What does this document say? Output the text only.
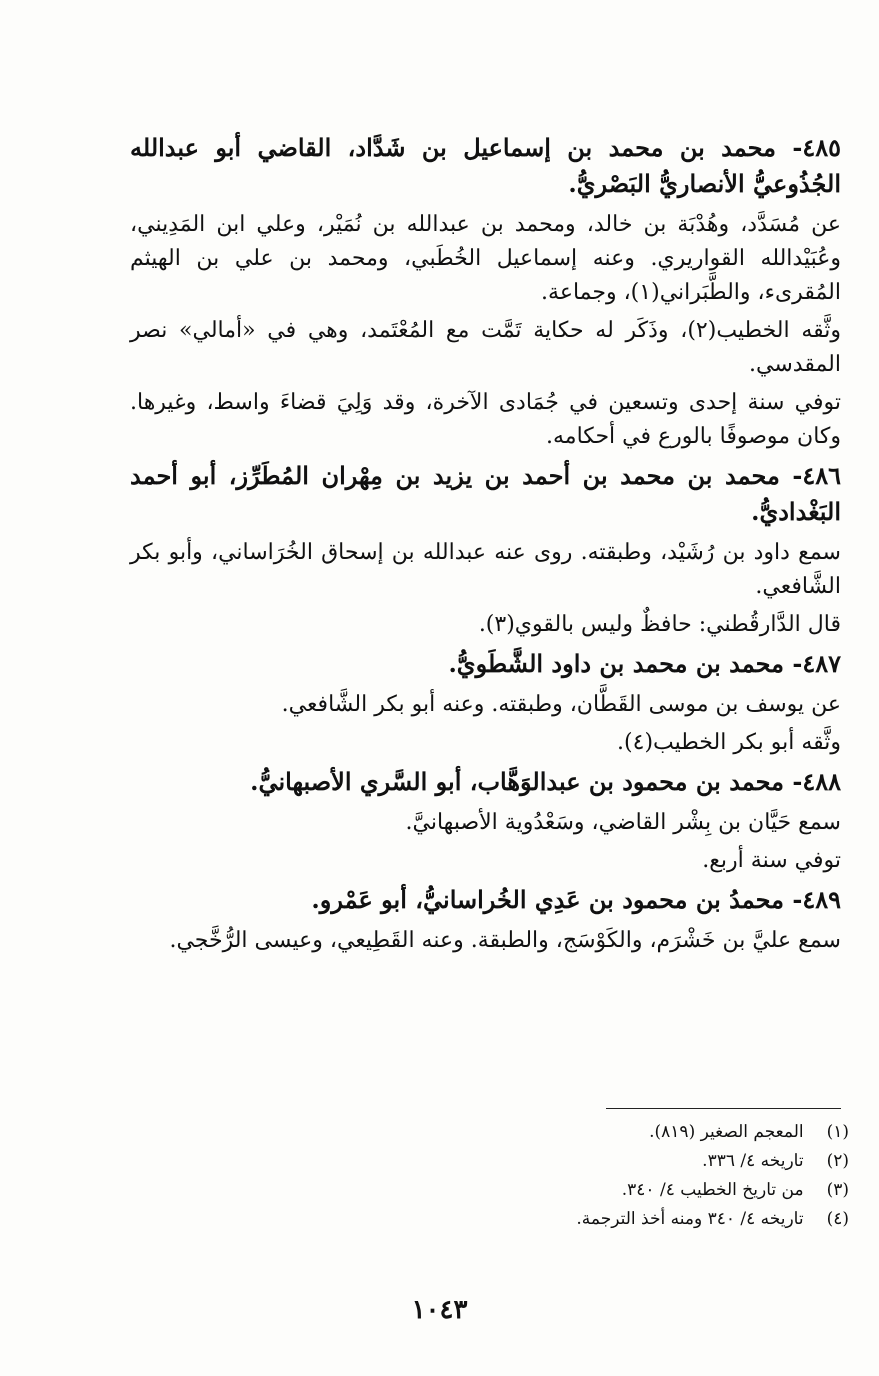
٤٨٥- محمد بن محمد بن إسماعيل بن شَدَّاد، القاضي أبو عبدالله الجُذُوعيُّ الأنصاريُّ البَصْريُّ.

عن مُسَدَّد، وهُدْبَة بن خالد، ومحمد بن عبدالله بن نُمَيْر، وعلي ابن المَدِيني، وعُبَيْدالله القواريري. وعنه إسماعيل الخُطَبي، ومحمد بن علي بن الهيثم المُقرىء، والطَّبَراني(١)، وجماعة.

وثَّقه الخطيب(٢)، وذَكَر له حكاية تَمَّت مع المُعْتَمد، وهي في «أمالي» نصر المقدسي.

توفي سنة إحدى وتسعين في جُمَادى الآخرة، وقد وَلِيَ قضاءَ واسط، وغيرها. وكان موصوفًا بالورع في أحكامه.

٤٨٦- محمد بن محمد بن أحمد بن يزيد بن مِهْران المُطَرِّز، أبو أحمد البَغْداديُّ.

سمع داود بن رُشَيْد، وطبقته. روى عنه عبدالله بن إسحاق الخُرَاساني، وأبو بكر الشَّافعي.

قال الدَّارقُطني: حافظٌ وليس بالقوي(٣).

٤٨٧- محمد بن محمد بن داود الشَّطَويُّ.

عن يوسف بن موسى القَطَّان، وطبقته. وعنه أبو بكر الشَّافعي.

وثَّقه أبو بكر الخطيب(٤).

٤٨٨- محمد بن محمود بن عبدالوَهَّاب، أبو السَّري الأصبهانيُّ.

سمع حَيَّان بن بِشْر القاضي، وسَعْدُوية الأصبهانيَّ.

توفي سنة أربع.

٤٨٩- محمدُ بن محمود بن عَدِي الخُراسانيُّ، أبو عَمْرو.

سمع عليَّ بن خَشْرَم، والكَوْسَج، والطبقة. وعنه القَطِيعي، وعيسى الرُّخَّجي.

(١) المعجم الصغير (٨١٩).
(٢) تاريخه ٤/ ٣٣٦.
(٣) من تاريخ الخطيب ٤/ ٣٤٠.
(٤) تاريخه ٤/ ٣٤٠ ومنه أخذ الترجمة.
١٠٤٣
